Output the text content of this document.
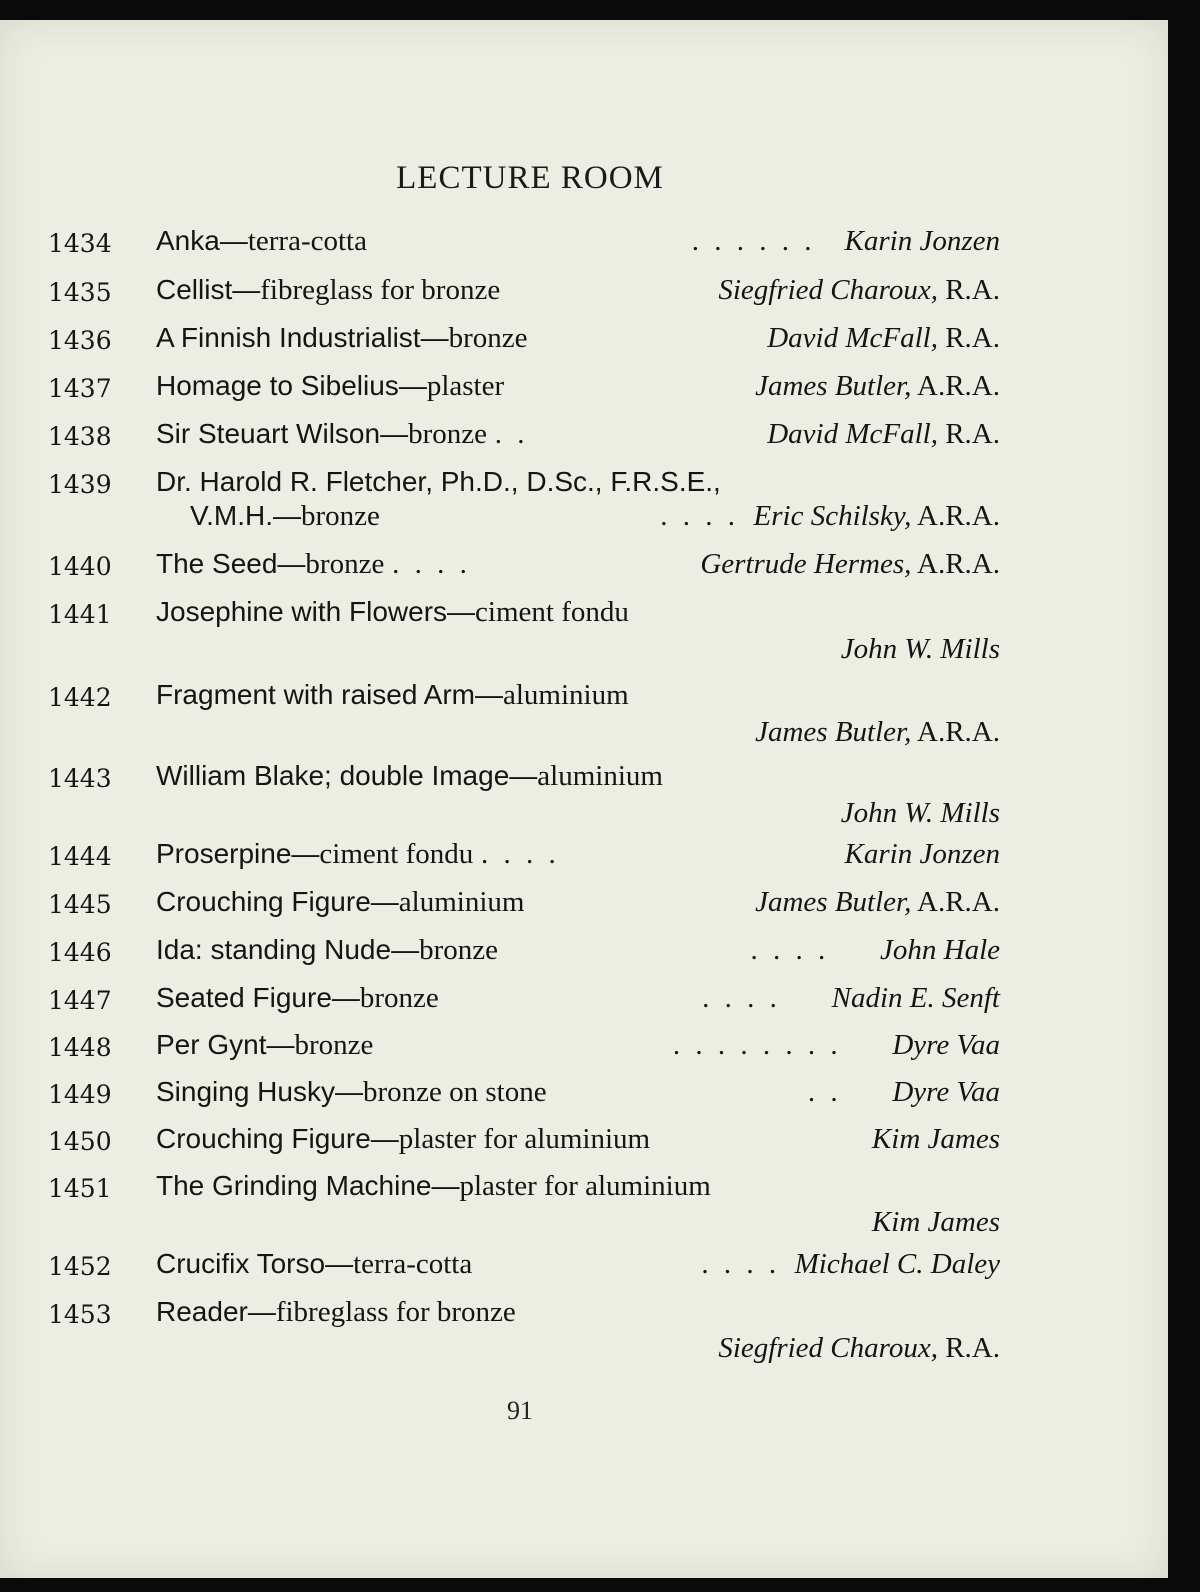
LECTURE ROOM
1434	Anka—terra-cotta	. . . . . . Karin Jonzen
1435	Cellist—fibreglass for bronze	Siegfried Charoux, R.A.
1436	A Finnish Industrialist—bronze	David McFall, R.A.
1437	Homage to Sibelius—plaster	James Butler, A.R.A.
1438	Sir Steuart Wilson—bronze . .	David McFall, R.A.
1439	Dr. Harold R. Fletcher, Ph.D., D.Sc., F.R.S.E.,
V.M.H.—bronze	. . . . Eric Schilsky, A.R.A.
1440	The Seed—bronze . . . .	Gertrude Hermes, A.R.A.
1441	Josephine with Flowers—ciment fondu
John W. Mills
1442	Fragment with raised Arm—aluminium
James Butler, A.R.A.
1443	William Blake; double Image—aluminium
John W. Mills
1444	Proserpine—ciment fondu . . . .	Karin Jonzen
1445	Crouching Figure—aluminium	James Butler, A.R.A.
1446	Ida: standing Nude—bronze	. . . . John Hale
1447	Seated Figure—bronze	. . . . Nadin E. Senft
1448	Per Gynt—bronze	. . . . . . . . Dyre Vaa
1449	Singing Husky—bronze on stone	. . Dyre Vaa
1450	Crouching Figure—plaster for aluminium	Kim James
1451	The Grinding Machine—plaster for aluminium
Kim James
1452	Crucifix Torso—terra-cotta	. . . . Michael C. Daley
1453	Reader—fibreglass for bronze
Siegfried Charoux, R.A.
91
